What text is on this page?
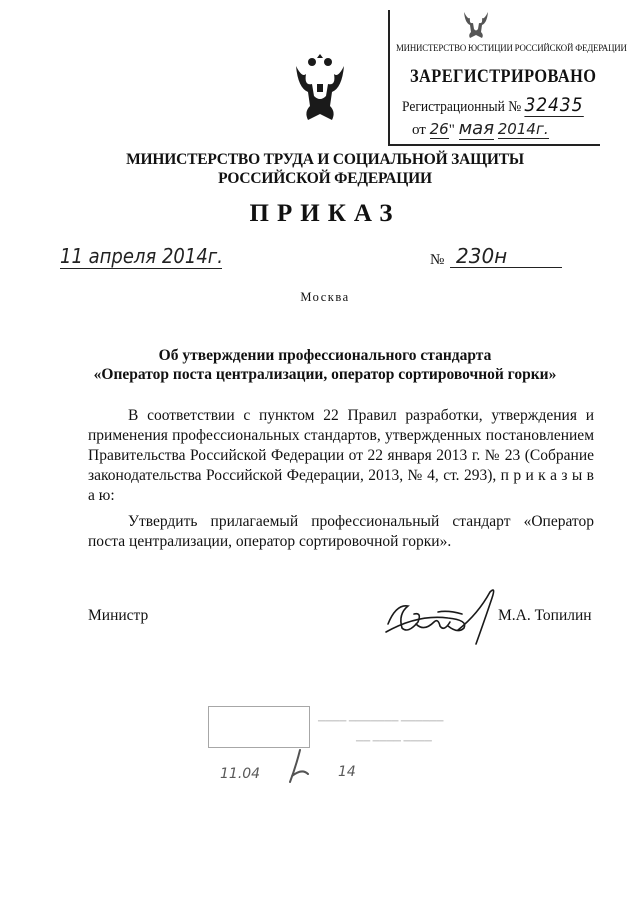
МИНИСТЕРСТВО ЮСТИЦИИ РОССИЙСКОЙ ФЕДЕРАЦИИ
ЗАРЕГИСТРИРОВАНО
Регистрационный № 32435
от 26" мая 2014г.
МИНИСТЕРСТВО ТРУДА И СОЦИАЛЬНОЙ ЗАЩИТЫ
РОССИЙСКОЙ ФЕДЕРАЦИИ
ПРИКАЗ
11 апреля 2014г.	№ 230н
Москва
Об утверждении профессионального стандарта
«Оператор поста централизации, оператор сортировочной горки»
В соответствии с пунктом 22 Правил разработки, утверждения и применения профессиональных стандартов, утвержденных постановлением Правительства Российской Федерации от 22 января 2013 г. № 23 (Собрание законодательства Российской Федерации, 2013, № 4, ст. 293), п р и к а з ы в а ю:
Утвердить прилагаемый профессиональный стандарт «Оператор поста централизации, оператор сортировочной горки».
Министр	М.А. Топилин
──── ─────── ──────
── ──── ────
11.04	14
